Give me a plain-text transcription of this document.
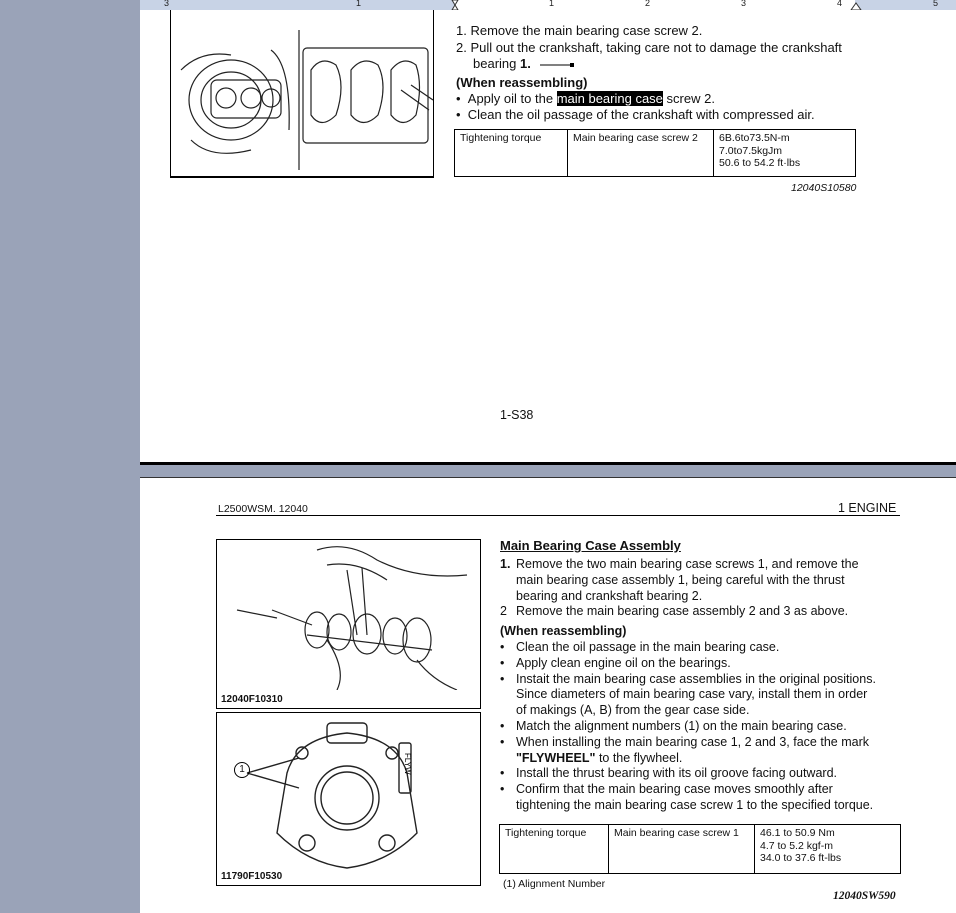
3	1	1	2	3	4	5
1. Remove the main bearing case screw 2.
2. Pull out the crankshaft, taking care not to damage the crankshaft
bearing 1.
(When reassembling)
•  Apply oil to the main bearing case screw 2.
•  Clean the oil passage of the crankshaft with compressed air.
Tightening torque	Main bearing case screw 2	6B.6to73.5N-m
7.0to7.5kgJm
50.6 to 54.2 ft·lbs
12040S10580
1-S38
L2500WSM. 12040	1 ENGINE
12040F10310
FLYW
1
11790F10530
Main Bearing Case Assembly
1. Remove the two main bearing case screws 1, and remove the
main bearing case assembly 1, being careful with the thrust
bearing and crankshaft bearing 2.
2 Remove the main bearing case assembly 2 and 3 as above.
(When reassembling)
• Clean the oil passage in the main bearing case.
• Apply clean engine oil on the bearings.
• Instait the main bearing case assemblies in the original positions.
Since diameters of main bearing case vary, install them in order
of makings (A, B) from the gear case side.
• Match the alignment numbers (1) on the main bearing case.
• When installing the main bearing case 1, 2 and 3, face the mark
"FLYWHEEL" to the flywheel.
• Install the thrust bearing with its oil groove facing outward.
• Confirm that the main bearing case moves smoothly after
tightening the main bearing case screw 1 to the specified torque.
Tightening torque	Main bearing case screw 1	46.1 to 50.9 Nm
4.7 to 5.2 kgf-m
34.0 to 37.6 ft-lbs
(1) Alignment Number
12040SW590
